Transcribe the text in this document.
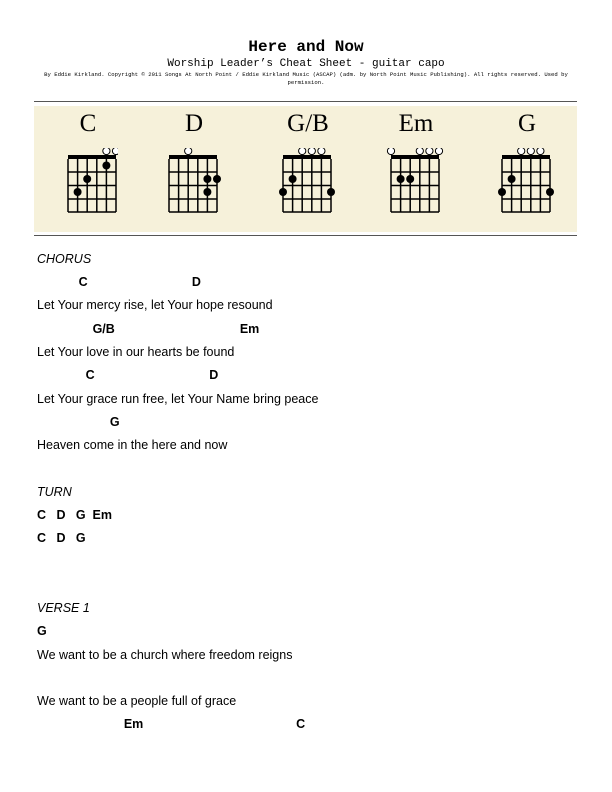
Here and Now
Worship Leader’s Cheat Sheet - guitar capo
By Eddie Kirkland. Copyright © 2011 Songs At North Point / Eddie Kirkland Music (ASCAP) (adm. by North Point Music Publishing). All rights reserved. Used by permission.
C	D	G/B	Em	G
CHORUS
C                              D
Let Your mercy rise, let Your hope resound
G/B                                    Em
Let Your love in our hearts be found
C                                 D
Let Your grace run free, let Your Name bring peace
G
Heaven come in the here and now
TURN
C   D   G  Em
C   D   G
VERSE 1
G
We want to be a church where freedom reigns
We want to be a people full of grace
Em                                            C
